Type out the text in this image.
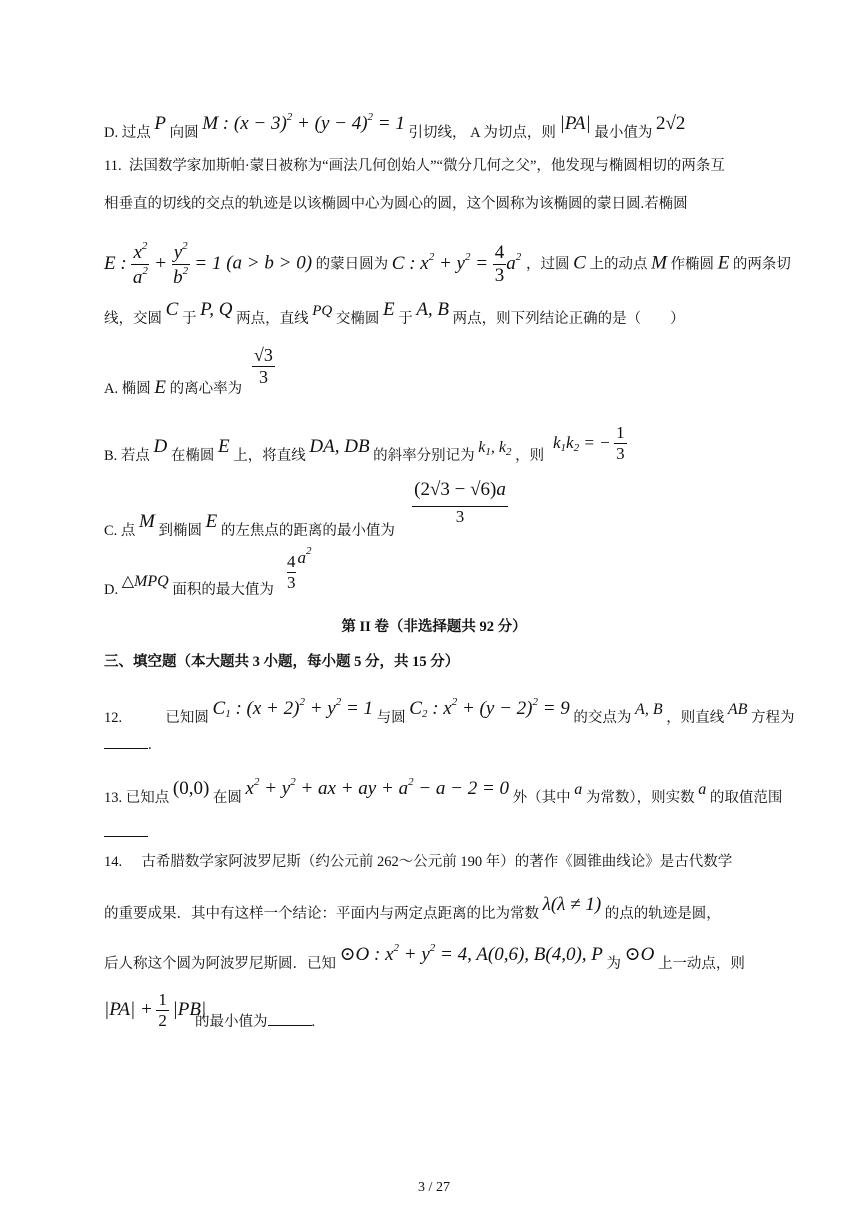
D. 过点 P 向圆 M : $(x - 3)^2 + (y - 4)^2 = 1$ 引切线， A 为切点，则 |PA| 最小值为 2√2
11. 法国数学家加斯帕·蒙日被称为“画法几何创始人”“微分几何之父”，他发现与椭圆相切的两条互
相垂直的切线的交点的轨迹是以该椭圆中心为圆心的圆，这个圆称为该椭圆的蒙日圆.若椭圆
E : $\frac{x^2}{a^2} + \frac{y^2}{b^2} = 1$ (a > b > 0) 的蒙日圆为 C : $x^2 + y^2 = \frac{4}{3} a^2$ ，过圆 C 上的动点 M 作椭圆 E 的两条切
线，交圆 C 于 P, Q 两点，直线 PQ 交椭圆 E 于 A, B 两点，则下列结论正确的是（　　）
A. 椭圆 E 的离心率为
$\frac{√3}{3}$
B. 若点 D 在椭圆 E 上，将直线 DA, DB 的斜率分别记为 $k_1$, $k_2$ ，则
$k_1k_2$ = − $\frac{1}{3}$
C. 点 M 到椭圆 E 的左焦点的距离的最小值为
(2√3 − √6)a
3
D. △MPQ 面积的最大值为 $\frac{4}{3} a^2$
第 II 卷（非选择题共 92 分）
三、填空题（本大题共 3 小题，每小题 5 分，共 15 分）
12.	已知圆 $C_1$ : $(x + 2)^2 + y^2 = 1$ 与圆 $C_2$ : $x^2 + (y - 2)^2 = 9$ 的交点为 A, B ，则直线 AB 方程为
.
13. 已知点 (0,0) 在圆 $x^2 + y^2$ + ax + ay + $a^2 - a - 2 = 0$ 外（其中 a 为常数），则实数 a 的取值范围
14. 古希腊数学家阿波罗尼斯（约公元前 262～公元前 190 年）的著作《圆锥曲线论》是古代数学
的重要成果．其中有这样一个结论：平面内与两定点距离的比为常数 λ(λ ≠ 1) 的点的轨迹是圆，
后人称这个圆为阿波罗尼斯圆．已知 ⊙O : $x^2 + y^2 = 4$, A(0,6), B(4,0), P 为 ⊙O 上一动点，则
$|PA| + \frac{1}{2} |PB|$
的最小值为	.
3 / 27
